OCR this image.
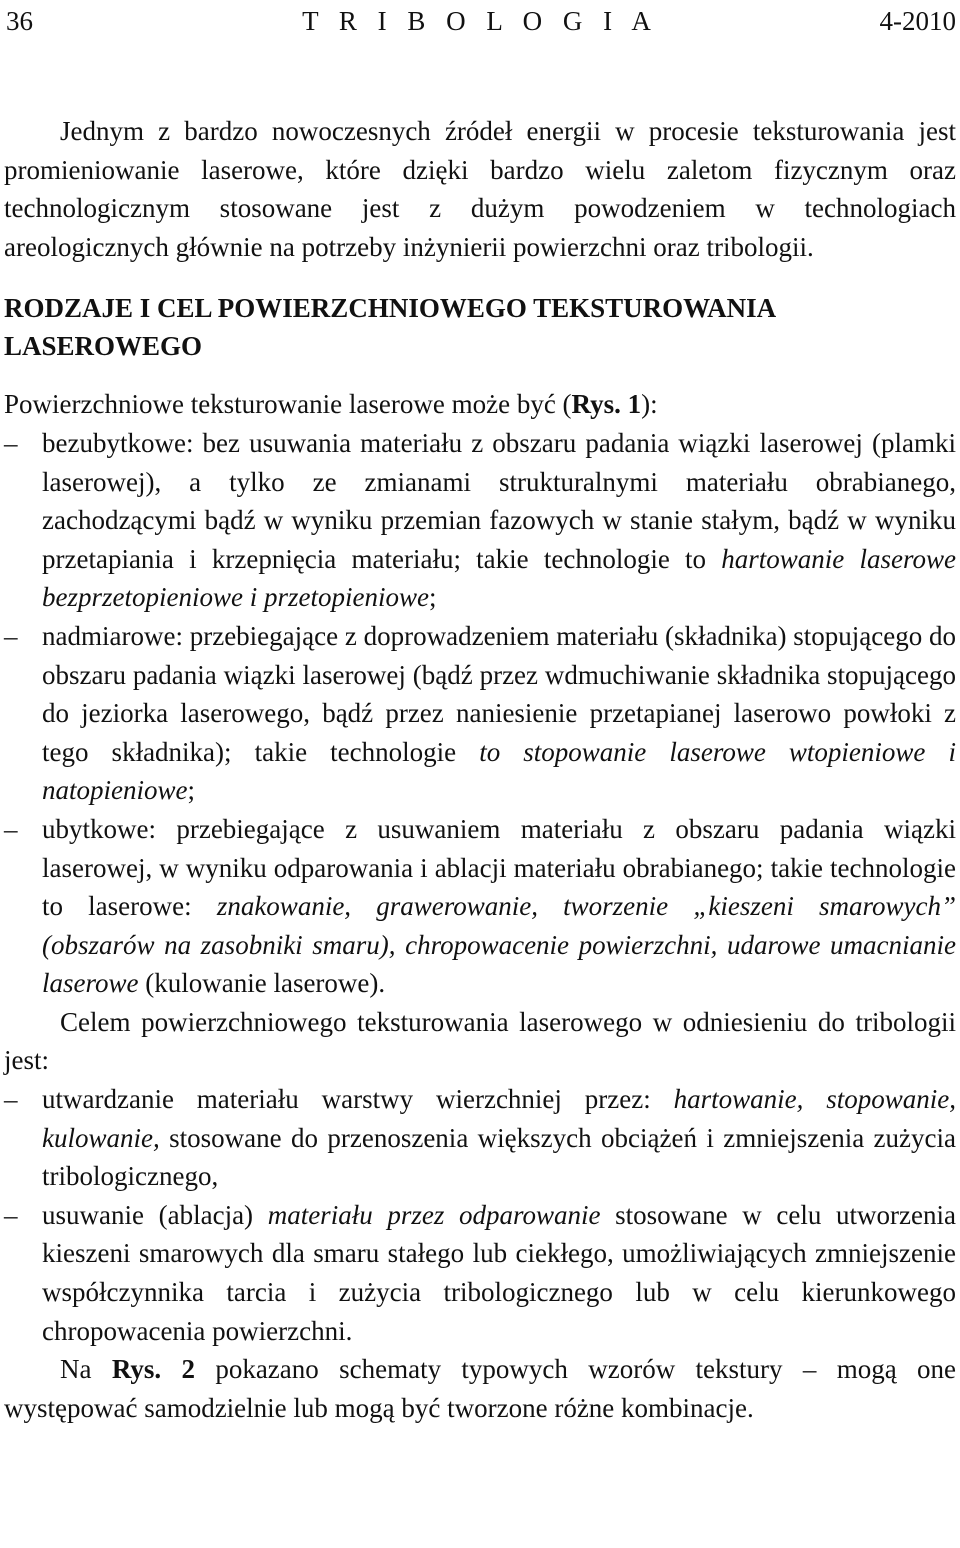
36	T R I B O L O G I A	4-2010

Jednym z bardzo nowoczesnych źródeł energii w procesie teksturowania jest promieniowanie laserowe, które dzięki bardzo wielu zaletom fizycznym oraz technologicznym stosowane jest z dużym powodzeniem w technologiach areologicznych głównie na potrzeby inżynierii powierzchni oraz tribologii.

RODZAJE I CEL POWIERZCHNIOWEGO TEKSTUROWANIA LASEROWEGO

Powierzchniowe teksturowanie laserowe może być (Rys. 1):

– bezubytkowe: bez usuwania materiału z obszaru padania wiązki laserowej (plamki laserowej), a tylko ze zmianami strukturalnymi materiału obrabianego, zachodzącymi bądź w wyniku przemian fazowych w stanie stałym, bądź w wyniku przetapiania i krzepnięcia materiału; takie technologie to hartowanie laserowe bezprzetopieniowe i przetopieniowe;
– nadmiarowe: przebiegające z doprowadzeniem materiału (składnika) stopującego do obszaru padania wiązki laserowej (bądź przez wdmuchiwanie składnika stopującego do jeziorka laserowego, bądź przez naniesienie przetapianej laserowo powłoki z tego składnika); takie technologie to stopowanie laserowe wtopieniowe i natopieniowe;
– ubytkowe: przebiegające z usuwaniem materiału z obszaru padania wiązki laserowej, w wyniku odparowania i ablacji materiału obrabianego; takie technologie to laserowe: znakowanie, grawerowanie, tworzenie „kieszeni smarowych” (obszarów na zasobniki smaru), chropowacenie powierzchni, udarowe umacnianie laserowe (kulowanie laserowe).

Celem powierzchniowego teksturowania laserowego w odniesieniu do tribologii jest:

– utwardzanie materiału warstwy wierzchniej przez: hartowanie, stopowanie, kulowanie, stosowane do przenoszenia większych obciążeń i zmniejszenia zużycia tribologicznego,
– usuwanie (ablacja) materiału przez odparowanie stosowane w celu utworzenia kieszeni smarowych dla smaru stałego lub ciekłego, umożliwiających zmniejszenie współczynnika tarcia i zużycia tribologicznego lub w celu kierunkowego chropowacenia powierzchni.

Na Rys. 2 pokazano schematy typowych wzorów tekstury – mogą one występować samodzielnie lub mogą być tworzone różne kombinacje.
